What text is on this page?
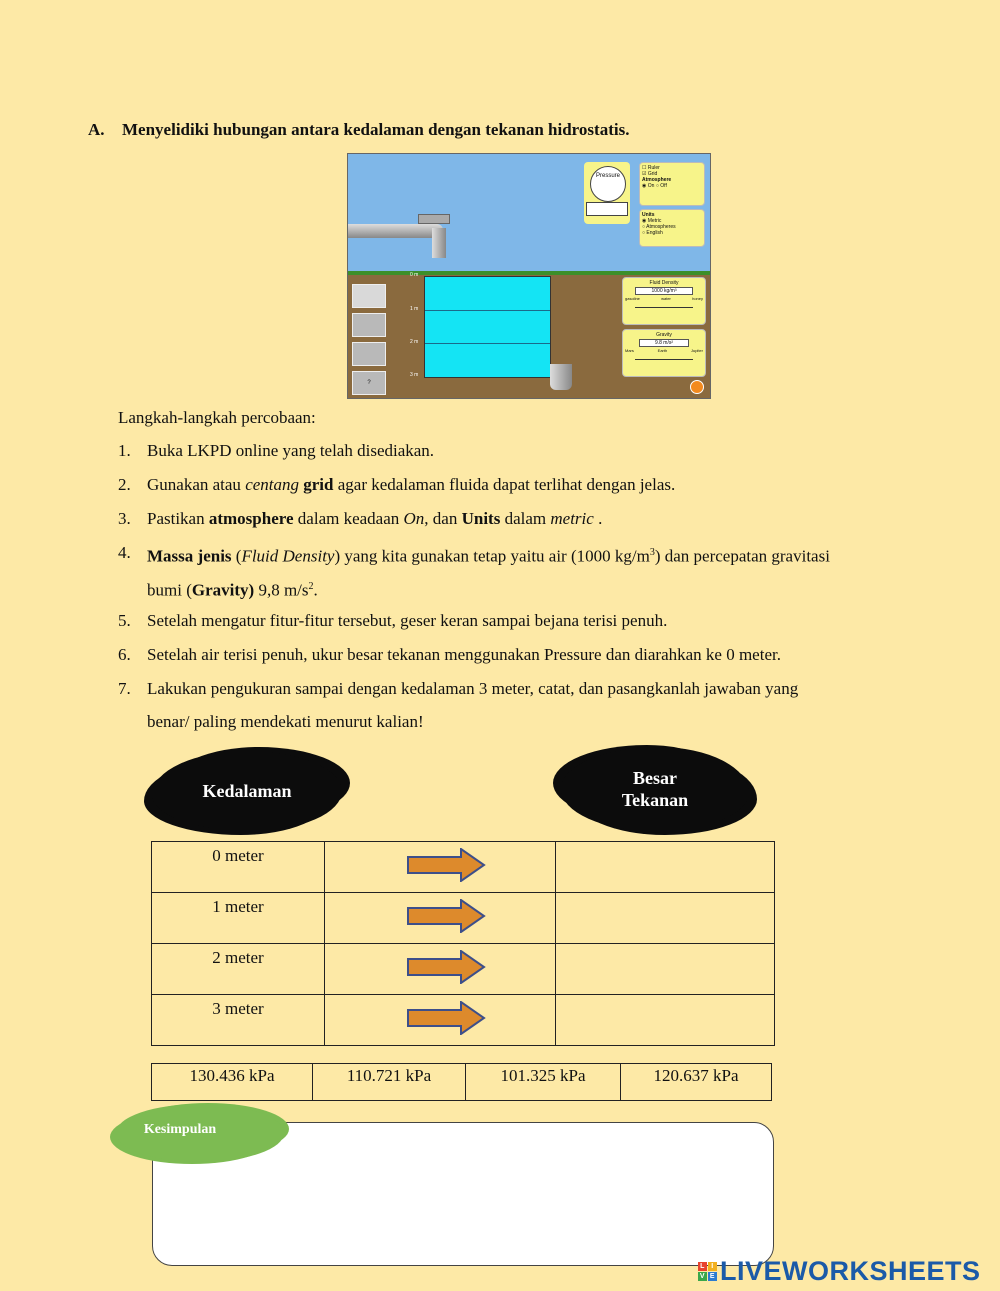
A. Menyelidiki hubungan antara kedalaman dengan tekanan hidrostatis.
0 m
1 m
2 m
3 m
Pressure
☐ Ruler
☑ Grid
Atmosphere
◉ On ○ Off
Units
◉ Metric
○ Atmospheres
○ English
Fluid Density
1000 kg/m³
gasoline	water	honey
Gravity
9.8 m/s²
Mars	Earth	Jupiter
?
Langkah-langkah percobaan:
1. Buka LKPD online yang telah disediakan.
2. Gunakan atau centang grid agar kedalaman fluida dapat terlihat dengan jelas.
3. Pastikan atmosphere dalam keadaan On, dan Units dalam metric .
4. Massa jenis (Fluid Density) yang kita gunakan tetap yaitu air (1000 $kg/m^3$) dan percepatan gravitasi
bumi (Gravity) 9,8 $m/s^2$.
5. Setelah mengatur fitur-fitur tersebut, geser keran sampai bejana terisi penuh.
6. Setelah air terisi penuh, ukur besar tekanan menggunakan Pressure dan diarahkan ke 0 meter.
7. Lakukan pengukuran sampai dengan kedalaman 3 meter, catat, dan pasangkanlah jawaban yang
benar/ paling mendekati menurut kalian!
Kedalaman
Besar
Tekanan
0 meter	

1 meter	

2 meter	

3 meter	

130.436 kPa	110.721 kPa	101.325 kPa	120.637 kPa
Kesimpulan
L I
V E LIVEWORKSHEETS
